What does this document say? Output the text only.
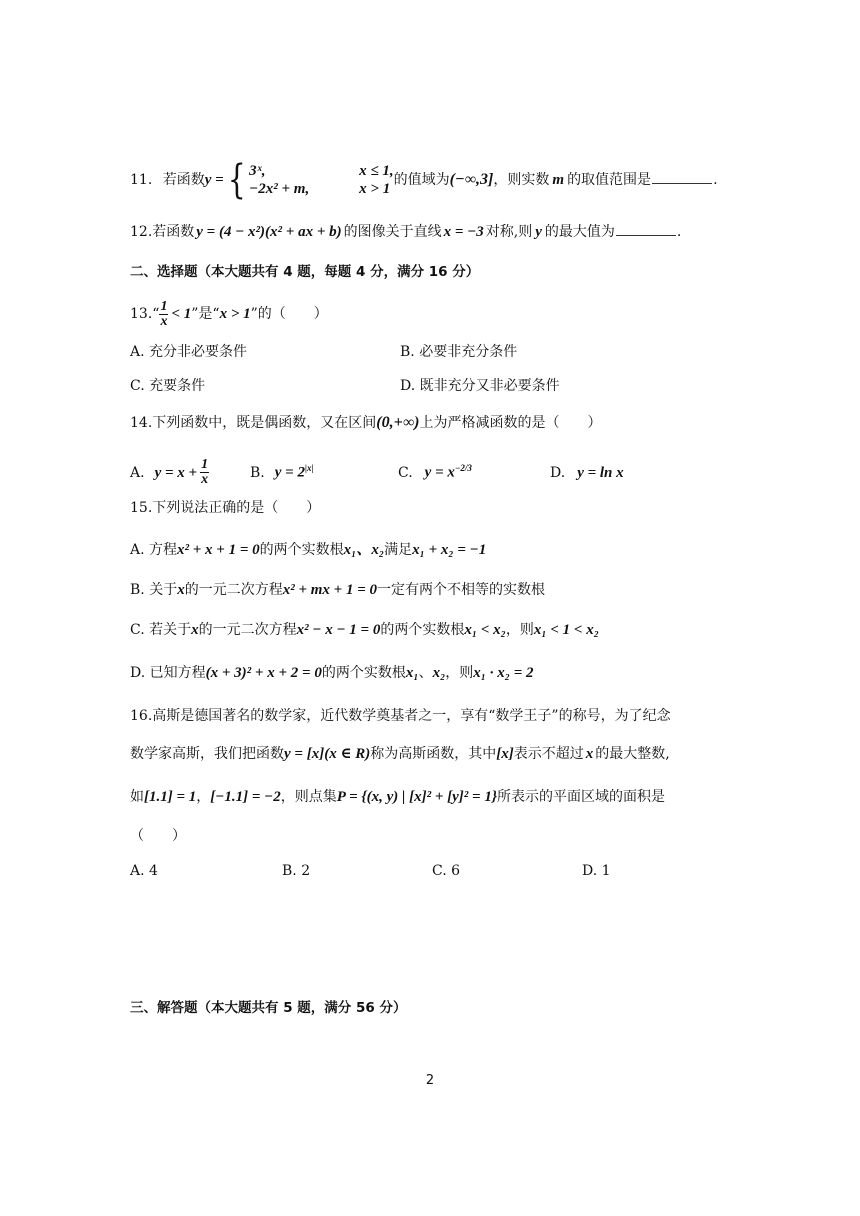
11. 若函数y ={ 3ˣ,	x ≤ 1,
−2x² + m,	x > 1
的值域为(−∞,3]，则实数 m 的取值范围是	.
12.若函数 y = (4 − x²)(x² + ax + b) 的图像关于直线 x = −3 对称,则 y 的最大值为	.
二、选择题（本大题共有 4 题，每题 4 分，满分 16 分）
13.“ $\frac{1}{x} < 1$”是“x > 1”的（　　）
A. 充分非必要条件	B. 必要非充分条件
C. 充要条件	D. 既非充分又非必要条件
14.下列函数中，既是偶函数，又在区间(0,+∞)上为严格减函数的是（　　）
A. $y = x + \frac{1}{x}$	B. $y = 2^{|x|}$	C. $y = x^{-2/3}$	D. y = ln x
15.下列说法正确的是（　　）
A. 方程x² + x + 1 = 0的两个实数根x₁、x₂满足x₁ + x₂ = −1
B. 关于x的一元二次方程x² + mx + 1 = 0一定有两个不相等的实数根
C. 若关于x的一元二次方程x² − x − 1 = 0的两个实数根x₁ < x₂，则x₁ < 1 < x₂
D. 已知方程(x + 3)² + x + 2 = 0的两个实数根x₁、x₂，则x₁ · x₂ = 2
16.高斯是德国著名的数学家，近代数学奠基者之一，享有“数学王子”的称号，为了纪念
数学家高斯，我们把函数y = [x](x ∈ R)称为高斯函数，其中[x]表示不超过 x 的最大整数,
如[1.1] = 1，[−1.1] = −2，则点集P = {(x, y) | [x]² + [y]² = 1}所表示的平面区域的面积是
（　　）
A. 4	B. 2	C. 6	D. 1
三、解答题（本大题共有 5 题，满分 56 分）
2
